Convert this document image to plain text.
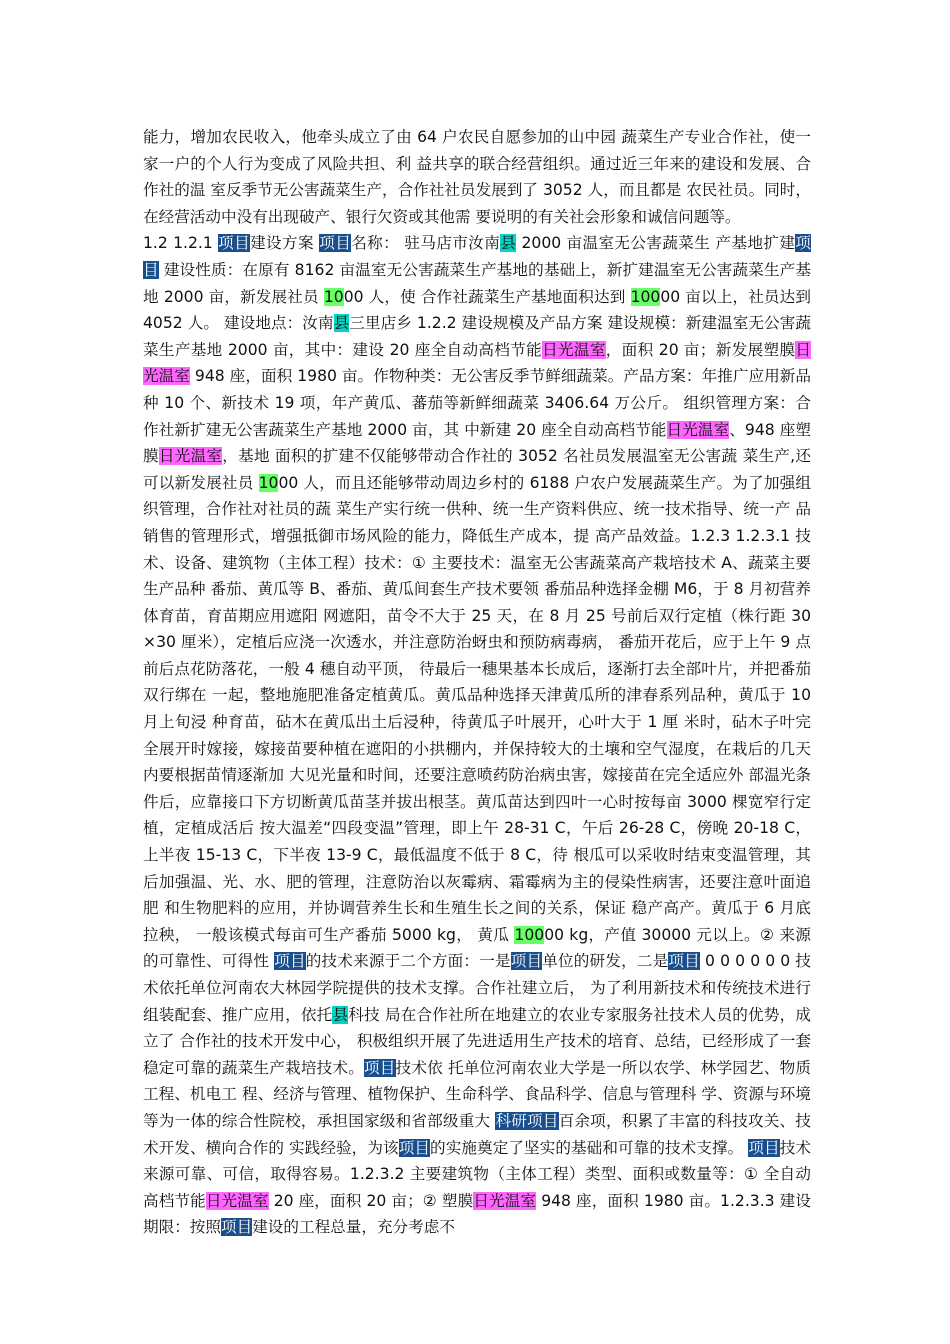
能力，增加农民收入，他牵头成立了由 64 户农民自愿参加的山中园 蔬菜生产专业合作社，使一家一户的个人行为变成了风险共担、利 益共享的联合经营组织。通过近三年来的建设和发展、合作社的温 室反季节无公害蔬菜生产，合作社社员发展到了 3052 人，而且都是 农民社员。同时，在经营活动中没有出现破产、银行欠资或其他需 要说明的有关社会形象和诚信问题等。

1.2 1.2.1 项目建设方案 项目名称： 驻马店市汝南县 2000 亩温室无公害蔬菜生 产基地扩建项目 建设性质：在原有 8162 亩温室无公害蔬菜生产基地的基础上，新扩建温室无公害蔬菜生产基地 2000 亩，新发展社员 1000 人，使 合作社蔬菜生产基地面积达到 10000 亩以上，社员达到 4052 人。 建设地点：汝南县三里店乡 1.2.2 建设规模及产品方案 建设规模：新建温室无公害蔬菜生产基地 2000 亩，其中：建设 20 座全自动高档节能日光温室，面积 20 亩；新发展塑膜日光温室 948 座，面积 1980 亩。作物种类：无公害反季节鲜细蔬菜。产品方案：年推广应用新品种 10 个、新技术 19 项，年产黄瓜、蕃茄等新鲜细蔬菜 3406.64 万公斤。 组织管理方案：合作社新扩建无公害蔬菜生产基地 2000 亩，其 中新建 20 座全自动高档节能日光温室、948 座塑膜日光温室，基地 面积的扩建不仅能够带动合作社的 3052 名社员发展温室无公害蔬 菜生产,还可以新发展社员 1000 人，而且还能够带动周边乡村的 6188 户农户发展蔬菜生产。为了加强组织管理，合作社对社员的蔬 菜生产实行统一供种、统一生产资料供应、统一技术指导、统一产 品销售的管理形式，增强抵御市场风险的能力，降低生产成本，提 高产品效益。1.2.3 1.2.3.1 技术、设备、建筑物（主体工程）技术：① 主要技术：温室无公害蔬菜高产栽培技术 A、蔬菜主要生产品种 番茄、黄瓜等 B、番茄、黄瓜间套生产技术要领 番茄品种选择金棚 M6，于 8 月初营养体育苗，育苗期应用遮阳 网遮阳，苗令不大于 25 天，在 8 月 25 号前后双行定植（株行距 30 ×30 厘米），定植后应浇一次透水，并注意防治蚜虫和预防病毒病， 番茄开花后，应于上午 9 点前后点花防落花，一般 4 穗自动平顶， 待最后一穗果基本长成后，逐渐打去全部叶片，并把番茄双行绑在 一起，整地施肥准备定植黄瓜。黄瓜品种选择天津黄瓜所的津春系列品种，黄瓜于 10 月上旬浸 种育苗，砧木在黄瓜出土后浸种，待黄瓜子叶展开，心叶大于 1 厘 米时，砧木子叶完全展开时嫁接，嫁接苗要种植在遮阳的小拱棚内，并保持较大的土壤和空气湿度，在栽后的几天内要根据苗情逐渐加 大见光量和时间，还要注意喷药防治病虫害，嫁接苗在完全适应外 部温光条件后，应靠接口下方切断黄瓜苗茎并拔出根茎。黄瓜苗达到四叶一心时按每亩 3000 棵宽窄行定植，定植成活后 按大温差“四段变温”管理，即上午 28-31 C，午后 26-28 C，傍晚 20-18 C，上半夜 15-13 C，下半夜 13-9 C，最低温度不低于 8 C，待 根瓜可以采收时结束变温管理，其后加强温、光、水、肥的管理，注意防治以灰霉病、霜霉病为主的侵染性病害，还要注意叶面追肥 和生物肥料的应用，并协调营养生长和生殖生长之间的关系，保证 稳产高产。黄瓜于 6 月底拉秧， 一般该模式每亩可生产番茄 5000 kg， 黄瓜 10000 kg，产值 30000 元以上。② 来源的可靠性、可得性 项目的技术来源于二个方面：一是项目单位的研发，二是项目 0 0 0 0 0 0 技术依托单位河南农大林园学院提供的技术支撑。合作社建立后， 为了利用新技术和传统技术进行组装配套、推广应用，依托县科技 局在合作社所在地建立的农业专家服务社技术人员的优势，成立了 合作社的技术开发中心， 积极组织开展了先进适用生产技术的培育、总结，已经形成了一套稳定可靠的蔬菜生产栽培技术。项目技术依 托单位河南农业大学是一所以农学、林学园艺、物质工程、机电工 程、经济与管理、植物保护、生命科学、食品科学、信息与管理科 学、资源与环境等为一体的综合性院校，承担国家级和省部级重大 科研项目百余项，积累了丰富的科技攻关、技术开发、横向合作的 实践经验，为该项目的实施奠定了坚实的基础和可靠的技术支撑。 项目技术来源可靠、可信，取得容易。1.2.3.2 主要建筑物（主体工程）类型、面积或数量等：① 全自动高档节能日光温室 20 座，面积 20 亩；② 塑膜日光温室 948 座，面积 1980 亩。1.2.3.3 建设期限：按照项目建设的工程总量，充分考虑不
